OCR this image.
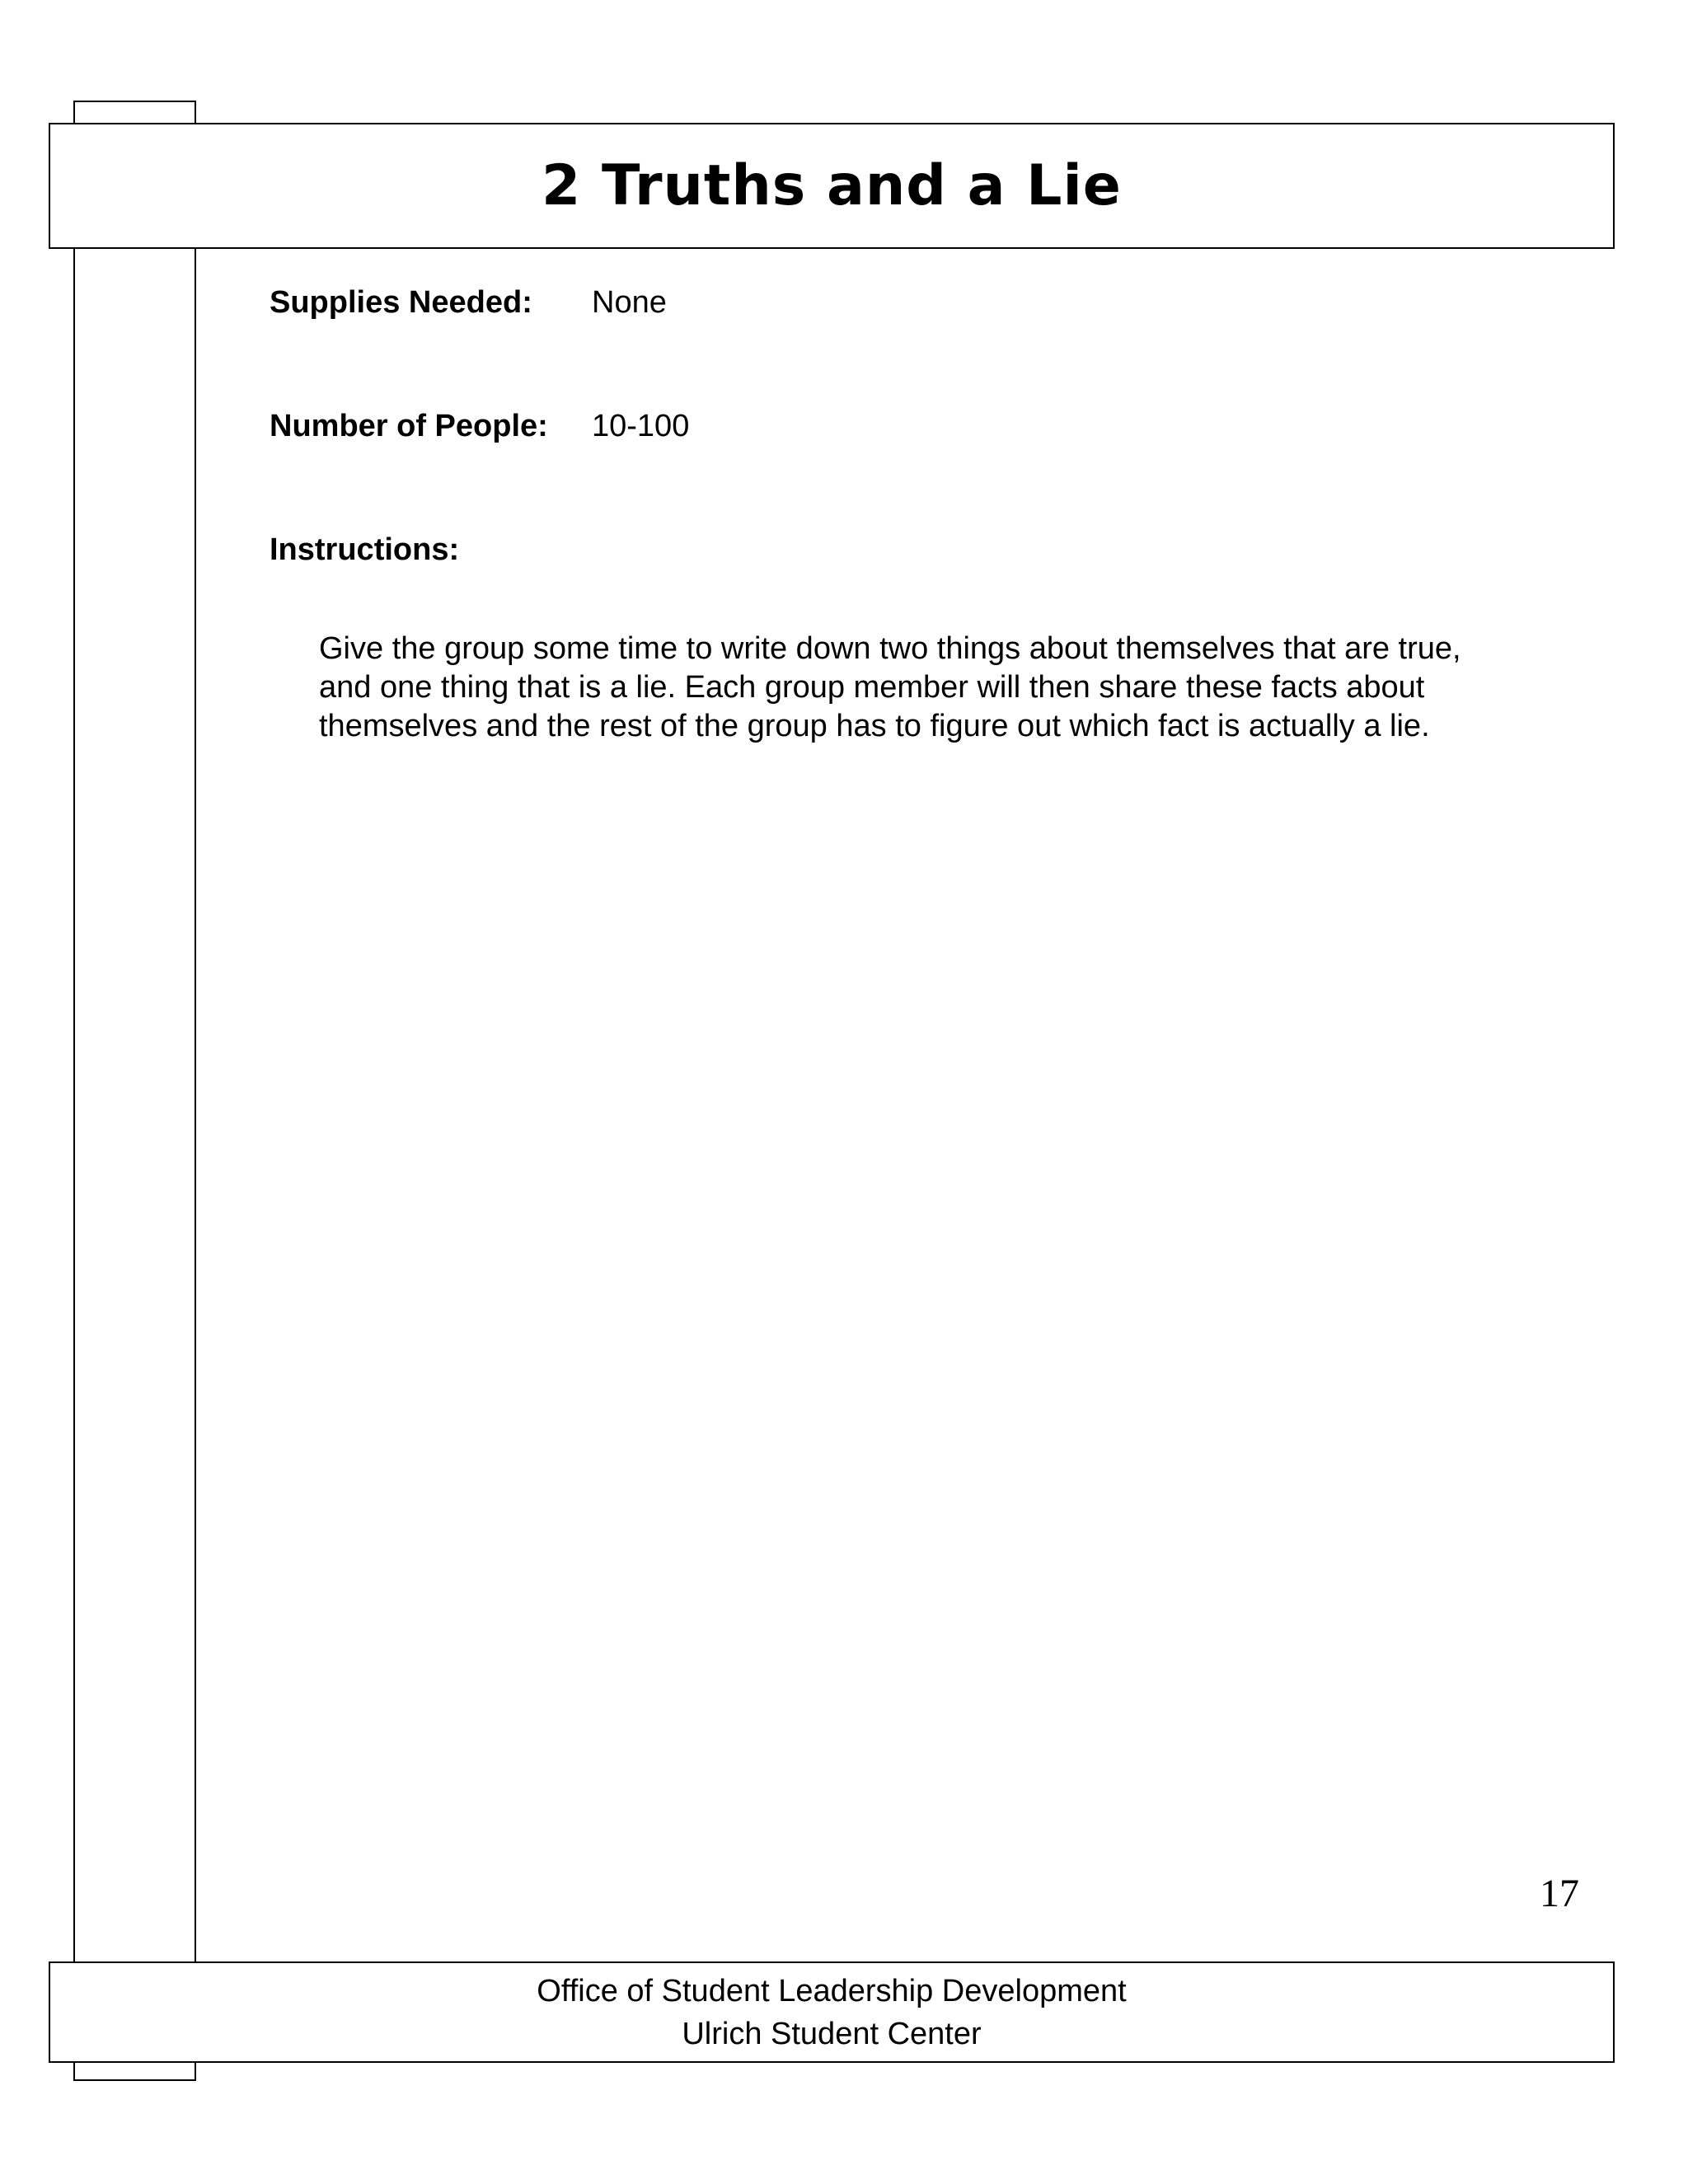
2 Truths and a Lie
Supplies Needed: None
Number of People: 10-100
Instructions:
Give the group some time to write down two things about themselves that are true,
and one thing that is a lie. Each group member will then share these facts about
themselves and the rest of the group has to figure out which fact is actually a lie.
17
Office of Student Leadership Development
Ulrich Student Center
